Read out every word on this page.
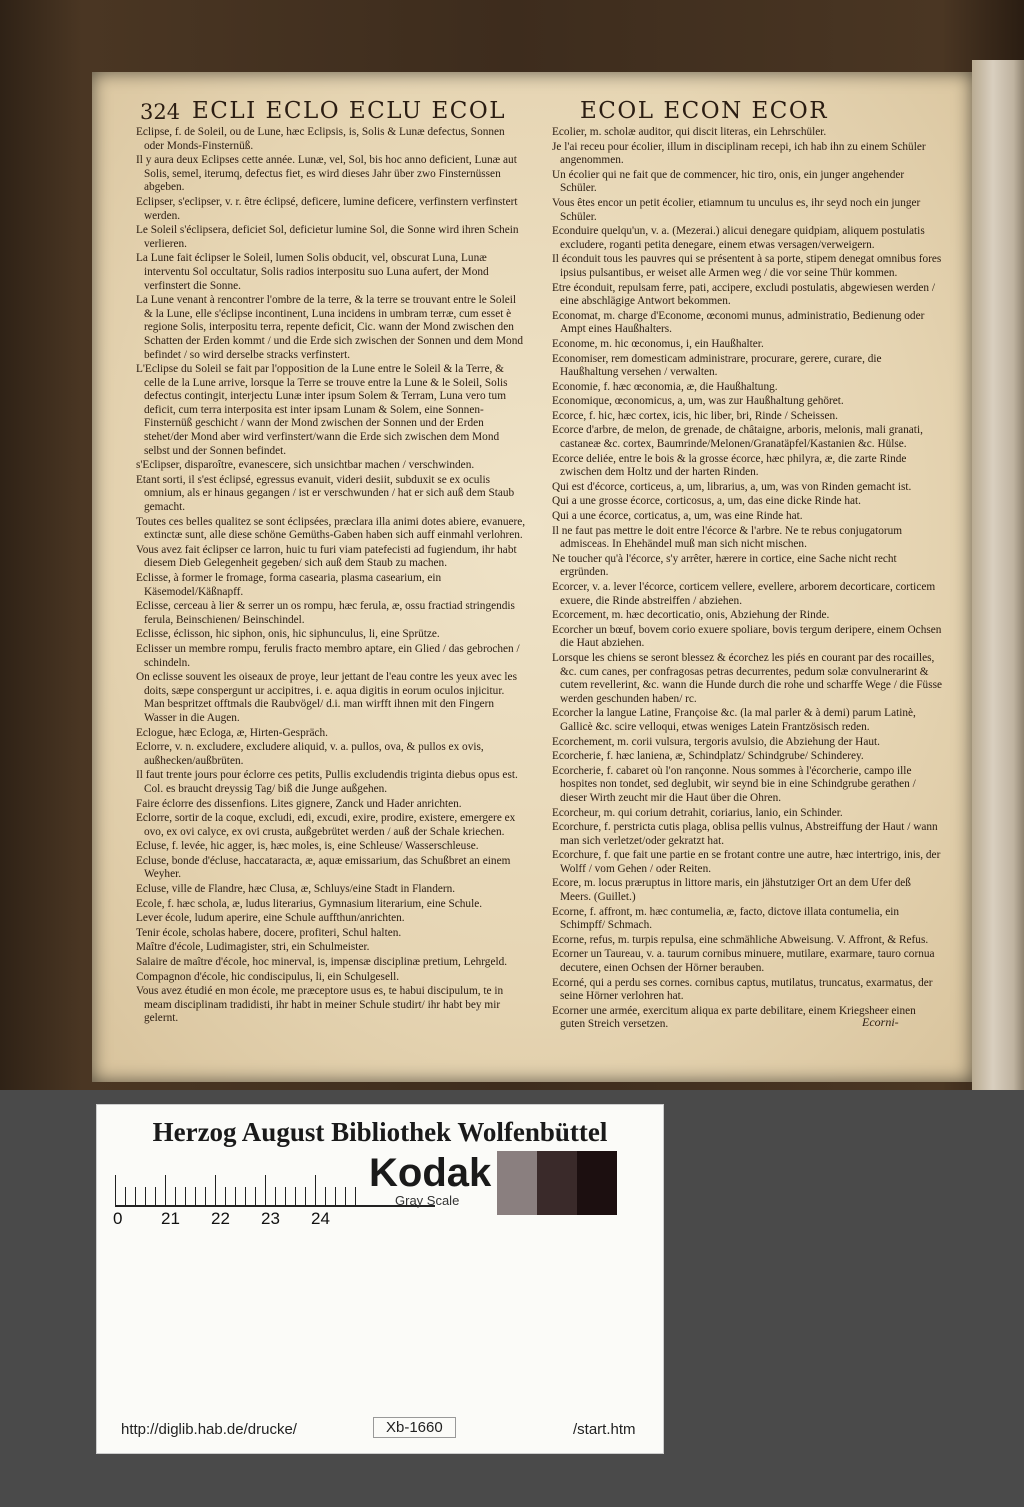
324 ECLI ECLO ECLU ECOL	ECOL ECON ECOR
Eclipse, f. de Soleil, ou de Lune, hæc Eclipsis, is, Solis & Lunæ defectus, Sonnen oder Monds-Finsternüß.
Il y aura deux Eclipses cette année. Lunæ, vel, Sol, bis hoc anno deficient, Lunæ aut Solis, semel, iterumq, defectus fiet, es wird dieses Jahr über zwo Finsternüssen abgeben.
Eclipser, s'eclipser, v. r. être éclipsé, deficere, lumine deficere, verfinstern verfinstert werden.
Le Soleil s'éclipsera, deficiet Sol, deficietur lumine Sol, die Sonne wird ihren Schein verlieren.
La Lune fait éclipser le Soleil, lumen Solis obducit, vel, obscurat Luna, Lunæ interventu Sol occultatur, Solis radios interpositu suo Luna aufert, der Mond verfinstert die Sonne.
La Lune venant à rencontrer l'ombre de la terre, & la terre se trouvant entre le Soleil & la Lune, elle s'éclipse incontinent, Luna incidens in umbram terræ, cum esset è regione Solis, interpositu terra, repente deficit, Cic. wann der Mond zwischen den Schatten der Erden kommt / und die Erde sich zwischen der Sonnen und dem Mond befindet / so wird derselbe stracks verfinstert.
L'Eclipse du Soleil se fait par l'opposition de la Lune entre le Soleil & la Terre, & celle de la Lune arrive, lorsque la Terre se trouve entre la Lune & le Soleil, Solis defectus contingit, interjectu Lunæ inter ipsum Solem & Terram, Luna vero tum deficit, cum terra interposita est inter ipsam Lunam & Solem, eine Sonnen-Finsternüß geschicht / wann der Mond zwischen der Sonnen und der Erden stehet/der Mond aber wird verfinstert/wann die Erde sich zwischen dem Mond selbst und der Sonnen befindet.
s'Eclipser, disparoître, evanescere, sich unsichtbar machen / verschwinden.
Etant sorti, il s'est éclipsé, egressus evanuit, videri desiit, subduxit se ex oculis omnium, als er hinaus gegangen / ist er verschwunden / hat er sich auß dem Staub gemacht.
Toutes ces belles qualitez se sont éclipsées, præclara illa animi dotes abiere, evanuere, extinctæ sunt, alle diese schöne Gemüths-Gaben haben sich auff einmahl verlohren.
Vous avez fait éclipser ce larron, huic tu furi viam patefecisti ad fugiendum, ihr habt diesem Dieb Gelegenheit gegeben/ sich auß dem Staub zu machen.
Eclisse, à former le fromage, forma casearia, plasma casearium, ein Käsemodel/Käßnapff.
Eclisse, cerceau à lier & serrer un os rompu, hæc ferula, æ, ossu fractiad stringendis ferula, Beinschienen/ Beinschindel.
Eclisse, éclisson, hic siphon, onis, hic siphunculus, li, eine Sprütze.
Eclisser un membre rompu, ferulis fracto membro aptare, ein Glied / das gebrochen / schindeln.
On eclisse souvent les oiseaux de proye, leur jettant de l'eau contre les yeux avec les doits, sæpe conspergunt ur accipitres, i. e. aqua digitis in eorum oculos injicitur. Man bespritzet offtmals die Raubvögel/ d.i. man wirfft ihnen mit den Fingern Wasser in die Augen.
Eclogue, hæc Ecloga, æ, Hirten-Gespräch.
Eclorre, v. n. excludere, excludere aliquid, v. a. pullos, ova, & pullos ex ovis, außhecken/außbrüten.
Il faut trente jours pour éclorre ces petits, Pullis excludendis triginta diebus opus est. Col. es braucht dreyssig Tag/ biß die Junge außgehen.
Faire éclorre des dissenfions. Lites gignere, Zanck und Hader anrichten.
Eclorre, sortir de la coque, excludi, edi, excudi, exire, prodire, existere, emergere ex ovo, ex ovi calyce, ex ovi crusta, außgebrütet werden / auß der Schale kriechen.
Ecluse, f. levée, hic agger, is, hæc moles, is, eine Schleuse/ Wasserschleuse.
Ecluse, bonde d'écluse, haccataracta, æ, aquæ emissarium, das Schußbret an einem Weyher.
Ecluse, ville de Flandre, hæc Clusa, æ, Schluys/eine Stadt in Flandern.
Ecole, f. hæc schola, æ, ludus literarius, Gymnasium literarium, eine Schule.
Lever école, ludum aperire, eine Schule auffthun/anrichten.
Tenir école, scholas habere, docere, profiteri, Schul halten.
Maître d'école, Ludimagister, stri, ein Schulmeister.
Salaire de maître d'école, hoc minerval, is, impensæ disciplinæ pretium, Lehrgeld.
Compagnon d'école, hic condiscipulus, li, ein Schulgesell.
Vous avez étudié en mon école, me præceptore usus es, te habui discipulum, te in meam disciplinam tradidisti, ihr habt in meiner Schule studirt/ ihr habt bey mir gelernt.
Ecolier, m. scholæ auditor, qui discit literas, ein Lehrschüler.
Je l'ai receu pour écolier, illum in disciplinam recepi, ich hab ihn zu einem Schüler angenommen.
Un écolier qui ne fait que de commencer, hic tiro, onis, ein junger angehender Schüler.
Vous êtes encor un petit écolier, etiamnum tu unculus es, ihr seyd noch ein junger Schüler.
Econduire quelqu'un, v. a. (Mezerai.) alicui denegare quidpiam, aliquem postulatis excludere, roganti petita denegare, einem etwas versagen/verweigern.
Il éconduit tous les pauvres qui se présentent à sa porte, stipem denegat omnibus fores ipsius pulsantibus, er weiset alle Armen weg / die vor seine Thür kommen.
Etre éconduit, repulsam ferre, pati, accipere, excludi postulatis, abgewiesen werden / eine abschlägige Antwort bekommen.
Economat, m. charge d'Econome, œconomi munus, administratio, Bedienung oder Ampt eines Haußhalters.
Econome, m. hic œconomus, i, ein Haußhalter.
Economiser, rem domesticam administrare, procurare, gerere, curare, die Haußhaltung versehen / verwalten.
Economie, f. hæc œconomia, æ, die Haußhaltung.
Economique, œconomicus, a, um, was zur Haußhaltung gehöret.
Ecorce, f. hic, hæc cortex, icis, hic liber, bri, Rinde / Scheissen.
Ecorce d'arbre, de melon, de grenade, de châtaigne, arboris, melonis, mali granati, castaneæ &c. cortex, Baumrinde/Melonen/Granatäpfel/Kastanien &c. Hülse.
Ecorce deliée, entre le bois & la grosse écorce, hæc philyra, æ, die zarte Rinde zwischen dem Holtz und der harten Rinden.
Qui est d'écorce, corticeus, a, um, librarius, a, um, was von Rinden gemacht ist.
Qui a une grosse écorce, corticosus, a, um, das eine dicke Rinde hat.
Qui a une écorce, corticatus, a, um, was eine Rinde hat.
Il ne faut pas mettre le doit entre l'écorce & l'arbre. Ne te rebus conjugatorum admisceas. In Ehehändel muß man sich nicht mischen.
Ne toucher qu'à l'écorce, s'y arrêter, hærere in cortice, eine Sache nicht recht ergründen.
Ecorcer, v. a. lever l'écorce, corticem vellere, evellere, arborem decorticare, corticem exuere, die Rinde abstreiffen / abziehen.
Ecorcement, m. hæc decorticatio, onis, Abziehung der Rinde.
Ecorcher un bœuf, bovem corio exuere spoliare, bovis tergum deripere, einem Ochsen die Haut abziehen.
Lorsque les chiens se seront blessez & écorchez les piés en courant par des rocailles, &c. cum canes, per confragosas petras decurrentes, pedum solæ convulnerarint & cutem revellerint, &c. wann die Hunde durch die rohe und scharffe Wege / die Füsse werden geschunden haben/ rc.
Ecorcher la langue Latine, Françoise &c. (la mal parler & à demi) parum Latinè, Gallicè &c. scire velloqui, etwas weniges Latein Frantzösisch reden.
Ecorchement, m. corii vulsura, tergoris avulsio, die Abziehung der Haut.
Ecorcherie, f. hæc lanienа, æ, Schindplatz/ Schindgrube/ Schinderey.
Ecorcherie, f. cabaret où l'on rançonne. Nous sommes à l'écorcherie, campo ille hospites non tondet, sed deglubit, wir seynd bie in eine Schindgrube gerathen / dieser Wirth zeucht mir die Haut über die Ohren.
Ecorcheur, m. qui corium detrahit, coriarius, lanio, ein Schinder.
Ecorchure, f. perstricta cutis plaga, oblisa pellis vulnus, Abstreiffung der Haut / wann man sich verletzet/oder gekratzt hat.
Ecorchure, f. que fait une partie en se frotant contre une autre, hæc intertrigo, inis, der Wolff / vom Gehen / oder Reiten.
Ecore, m. locus præruptus in littore maris, ein jähstutziger Ort an dem Ufer deß Meers. (Guillet.)
Ecorne, f. affront, m. hæc contumelia, æ, facto, dictove illata contumelia, ein Schimpff/ Schmach.
Ecorne, refus, m. turpis repulsa, eine schmähliche Abweisung. V. Affront, & Refus.
Ecorner un Taureau, v. a. taurum cornibus minuere, mutilare, exarmare, tauro cornua decutere, einen Ochsen der Hörner berauben.
Ecorné, qui a perdu ses cornes. cornibus captus, mutilatus, truncatus, exarmatus, der seine Hörner verlohren hat.
Ecorner une armée, exercitum aliqua ex parte debilitare, einem Kriegsheer einen guten Streich versetzen.	Ecorni-
Herzog August Bibliothek Wolfenbüttel
0 21 22 23 24
Kodak
Gray Scale
http://diglib.hab.de/drucke/	Xb-1660	/start.htm
